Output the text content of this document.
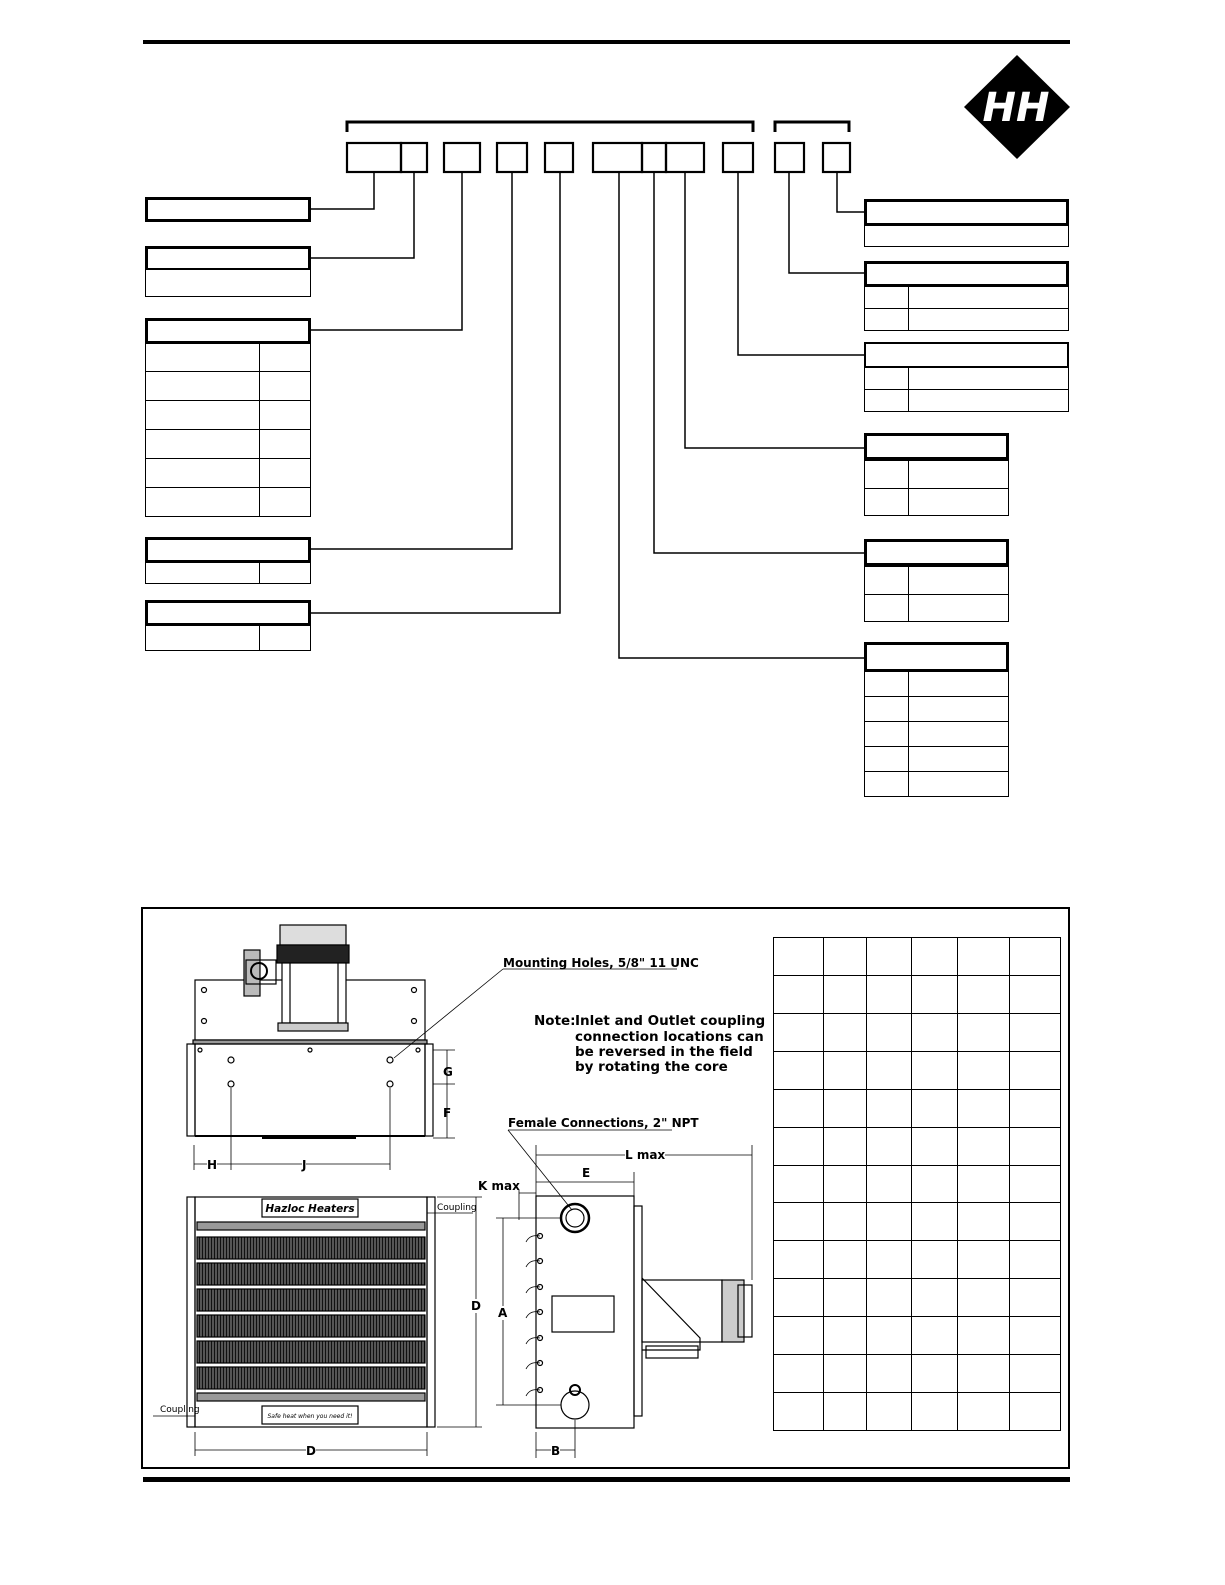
HH

Hazloc Heaters
Safe heat when you need it!
Coupling
Coupling
Mounting Holes, 5/8" 11 UNC
Female Connections, 2" NPT
Note: Inlet and Outlet coupling
connection locations can
be reversed in the field
by rotating the core
G
F
H	J
L max
E
K max
D A
D	B
